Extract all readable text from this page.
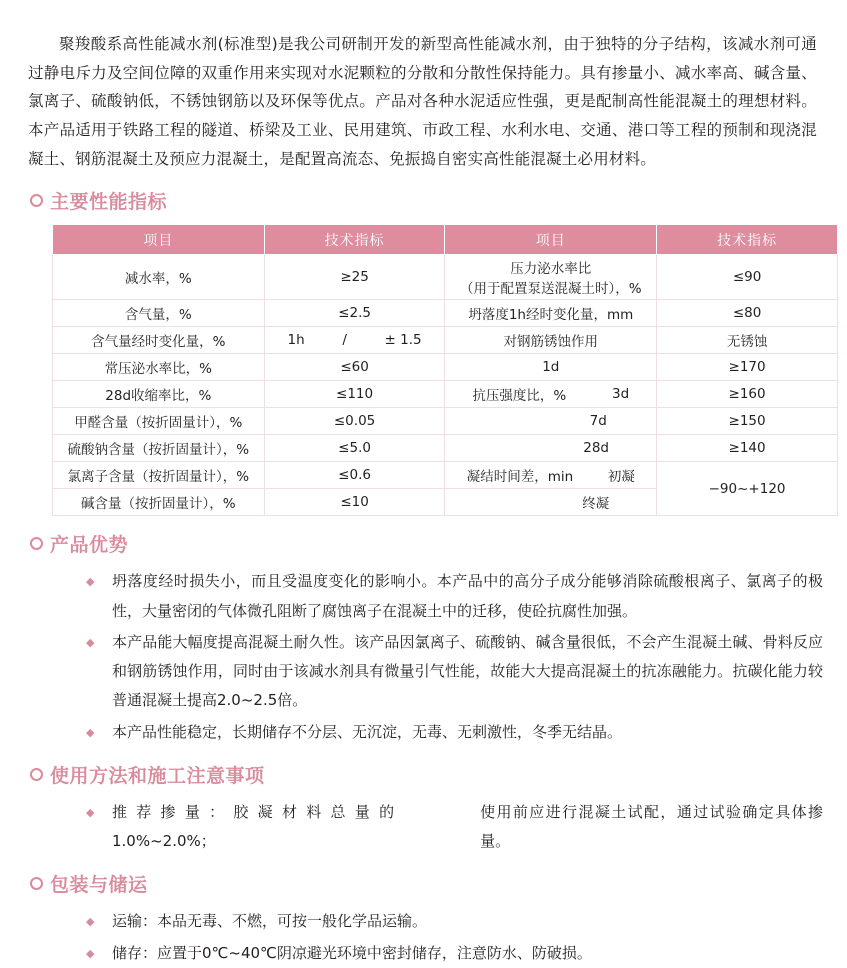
聚羧酸系高性能减水剂(标准型)是我公司研制开发的新型高性能减水剂，由于独特的分子结构，该减水剂可通过静电斥力及空间位障的双重作用来实现对水泥颗粒的分散和分散性保持能力。具有掺量小、减水率高、碱含量、氯离子、硫酸钠低，不锈蚀钢筋以及环保等优点。产品对各种水泥适应性强，更是配制高性能混凝土的理想材料。本产品适用于铁路工程的隧道、桥梁及工业、民用建筑、市政工程、水利水电、交通、港口等工程的预制和现浇混凝土、钢筋混凝土及预应力混凝土，是配置高流态、免振捣自密实高性能混凝土必用材料。

主要性能指标
项目	技术指标	项目	技术指标
减水率，%	≥25	压力泌水率比
（用于配置泵送混凝土时），%	≤90
含气量，%	≤2.5	坍落度1h经时变化量，mm	≤80
含气量经时变化量，%	1h / ± 1.5	对钢筋锈蚀作用	无锈蚀
常压泌水率比，%	≤60	1d	≥170
28d收缩率比，%	≤110	抗压强度比，% 3d	≥160
甲醛含量（按折固量计），%	≤0.05	7d	≥150
硫酸钠含量（按折固量计），%	≤5.0	28d	≥140
氯离子含量（按折固量计），%	≤0.6	凝结时间差，min 初凝	−90~+120
碱含量（按折固量计），%	≤10	终凝	
产品优势
◆ 坍落度经时损失小，而且受温度变化的影响小。本产品中的高分子成分能够消除硫酸根离子、氯离子的极性，大量密闭的气体微孔阻断了腐蚀离子在混凝土中的迁移，使砼抗腐性加强。
◆ 本产品能大幅度提高混凝土耐久性。该产品因氯离子、硫酸钠、碱含量很低，不会产生混凝土碱、骨料反应和钢筋锈蚀作用，同时由于该减水剂具有微量引气性能，故能大大提高混凝土的抗冻融能力。抗碳化能力较普通混凝土提高2.0~2.5倍。
◆ 本产品性能稳定，长期储存不分层、无沉淀，无毒、无刺激性，冬季无结晶。
使用方法和施工注意事项
◆ 推荐掺量：胶凝材料总量的1.0%~2.0%；
使用前应进行混凝土试配，通过试验确定具体掺量。
包装与储运
◆ 运输：本品无毒、不燃，可按一般化学品运输。
◆ 储存：应置于0℃~40℃阴凉避光环境中密封储存，注意防水、防破损。
